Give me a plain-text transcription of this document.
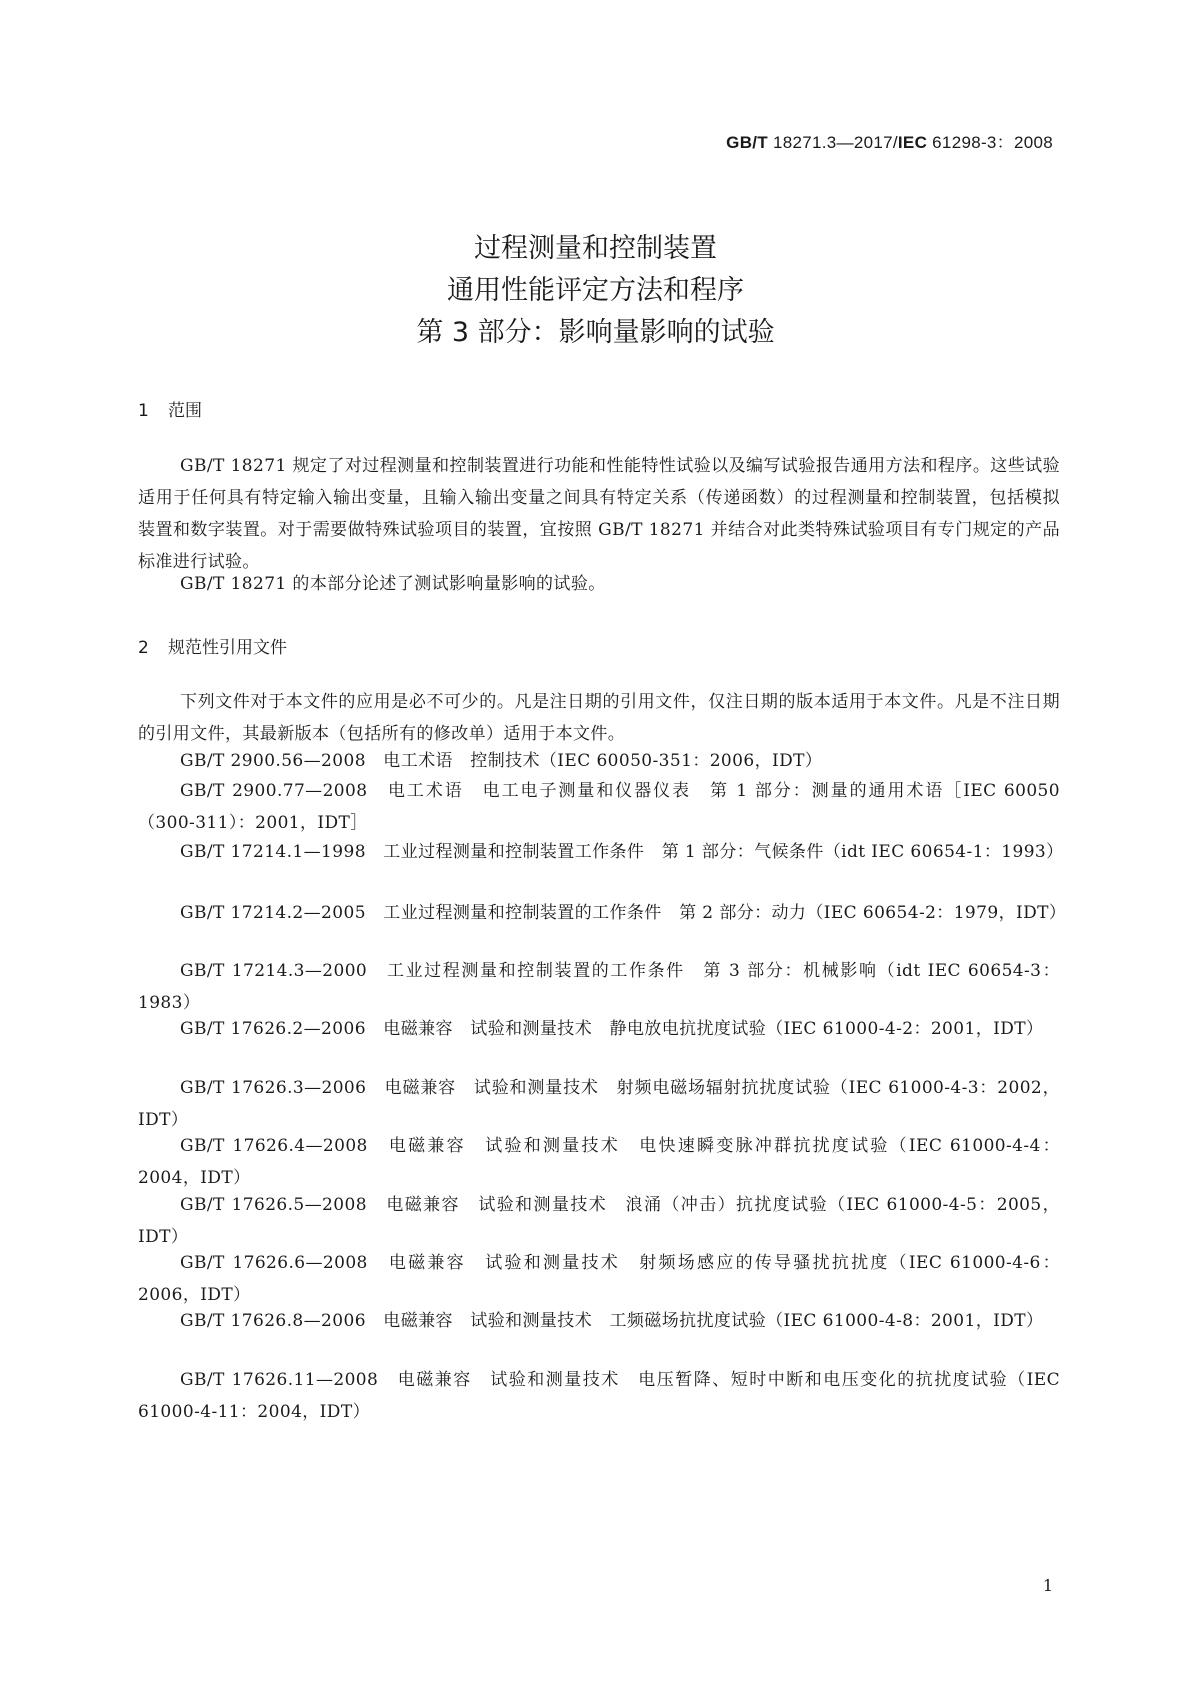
GB/T 18271.3—2017/IEC 61298-3：2008
过程测量和控制装置
通用性能评定方法和程序
第 3 部分：影响量影响的试验
1 范围

GB/T 18271 规定了对过程测量和控制装置进行功能和性能特性试验以及编写试验报告通用方法和程序。这些试验适用于任何具有特定输入输出变量，且输入输出变量之间具有特定关系（传递函数）的过程测量和控制装置，包括模拟装置和数字装置。对于需要做特殊试验项目的装置，宜按照 GB/T 18271 并结合对此类特殊试验项目有专门规定的产品标准进行试验。

GB/T 18271 的本部分论述了测试影响量影响的试验。

2 规范性引用文件

下列文件对于本文件的应用是必不可少的。凡是注日期的引用文件，仅注日期的版本适用于本文件。凡是不注日期的引用文件，其最新版本（包括所有的修改单）适用于本文件。

GB/T 2900.56—2008　电工术语　控制技术（IEC 60050-351：2006，IDT）

GB/T 2900.77—2008　电工术语　电工电子测量和仪器仪表　第 1 部分：测量的通用术语［IEC 60050（300-311）：2001，IDT］

GB/T 17214.1—1998　工业过程测量和控制装置工作条件　第 1 部分：气候条件（idt IEC 60654-1：1993）

GB/T 17214.2—2005　工业过程测量和控制装置的工作条件　第 2 部分：动力（IEC 60654-2：1979，IDT）

GB/T 17214.3—2000　工业过程测量和控制装置的工作条件　第 3 部分：机械影响（idt IEC 60654-3：1983）

GB/T 17626.2—2006　电磁兼容　试验和测量技术　静电放电抗扰度试验（IEC 61000-4-2：2001，IDT）

GB/T 17626.3—2006　电磁兼容　试验和测量技术　射频电磁场辐射抗扰度试验（IEC 61000-4-3：2002，IDT）

GB/T 17626.4—2008　电磁兼容　试验和测量技术　电快速瞬变脉冲群抗扰度试验（IEC 61000-4-4：2004，IDT）

GB/T 17626.5—2008　电磁兼容　试验和测量技术　浪涌（冲击）抗扰度试验（IEC 61000-4-5：2005，IDT）

GB/T 17626.6—2008　电磁兼容　试验和测量技术　射频场感应的传导骚扰抗扰度（IEC 61000-4-6：2006，IDT）

GB/T 17626.8—2006　电磁兼容　试验和测量技术　工频磁场抗扰度试验（IEC 61000-4-8：2001，IDT）

GB/T 17626.11—2008　电磁兼容　试验和测量技术　电压暂降、短时中断和电压变化的抗扰度试验（IEC 61000-4-11：2004，IDT）

1
